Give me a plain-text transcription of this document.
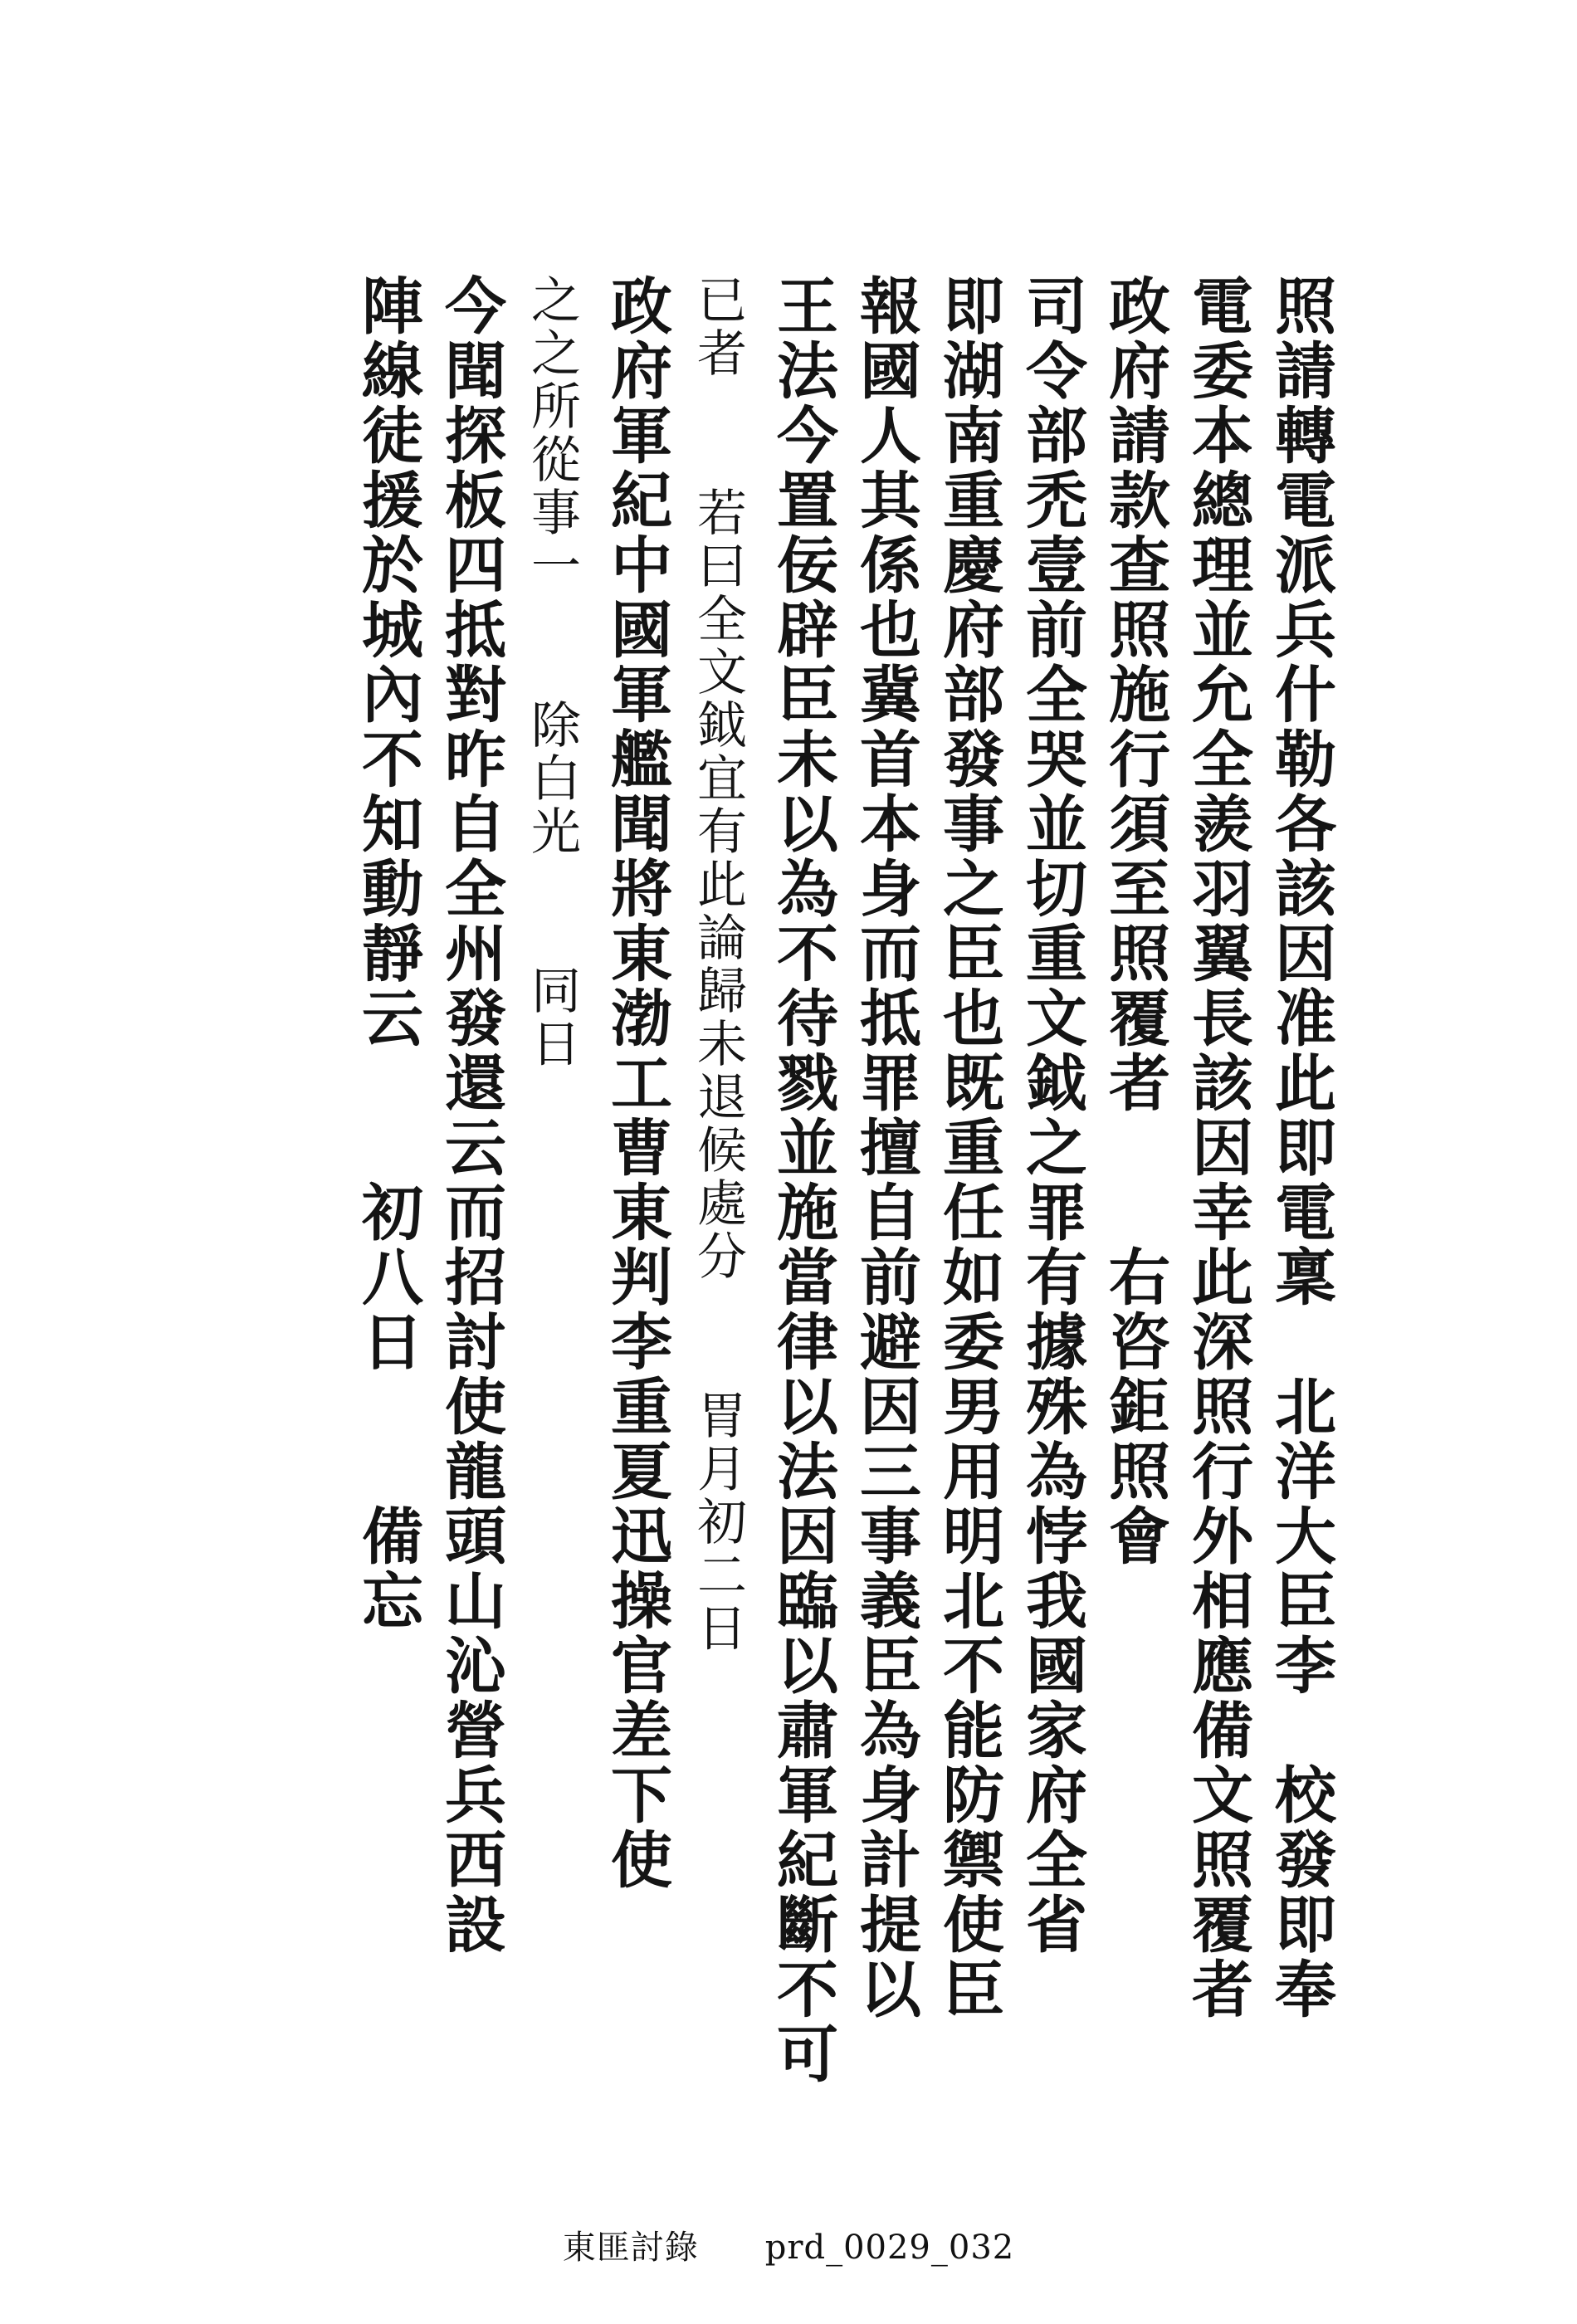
照請轉電派兵什勒各該因准此即電稟　北洋大臣李　校發即奉
電委本總理並允全羨羽翼長該因幸此深照行外相應備文照覆者
政府請款查照施行須至照覆者　　右咨鉅照會
司令部禿壹前全哭並切重文鉞之罪有據殊為悖我國家府全省
即湖南重慶府部發事之臣也既重任如委男用明北不能防禦使臣
報國人其係也冀首本身而抵罪擅自前避因三事義臣為身計提以
王法今置佞辟臣未以為不待戮並施當律以法因臨以肅軍紀斷不可
已者　　若曰全文鉞宜有此論歸未退候處分　　胃月初二日
政府軍紀中國軍艦聞將東渤工曹東判李重夏迅操官差下使
之之所從事一　　除白光　　同日
今聞探板四抵對昨自全州發還云而招討使龍頭山沁營兵西設
陣線徒援於城內不知動靜云　　初八日　　備忘
東匪討錄 prd_0029_032
